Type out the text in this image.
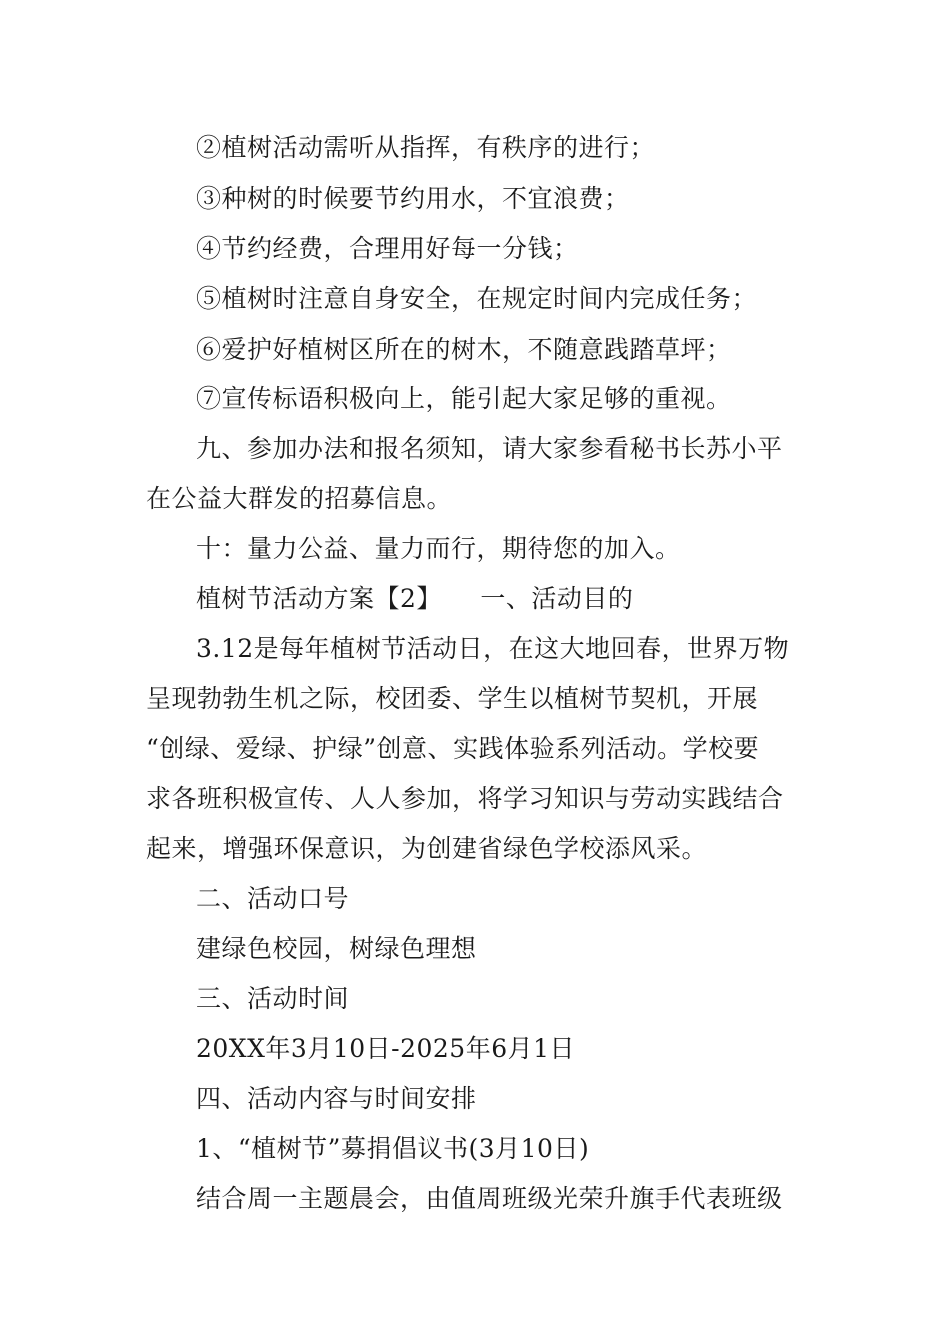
②植树活动需听从指挥，有秩序的进行；
③种树的时候要节约用水，不宜浪费；
④节约经费，合理用好每一分钱；
⑤植树时注意自身安全，在规定时间内完成任务；
⑥爱护好植树区所在的树木，不随意践踏草坪；
⑦宣传标语积极向上，能引起大家足够的重视。
九、参加办法和报名须知，请大家参看秘书长苏小平
在公益大群发的招募信息。
十：量力公益、量力而行，期待您的加入。
植树节活动方案【2】　　一、活动目的
3.12是每年植树节活动日，在这大地回春，世界万物
呈现勃勃生机之际，校团委、学生以植树节契机，开展
“创绿、爱绿、护绿”创意、实践体验系列活动。学校要
求各班积极宣传、人人参加，将学习知识与劳动实践结合
起来，增强环保意识，为创建省绿色学校添风采。
二、活动口号
建绿色校园，树绿色理想
三、活动时间
20XX年3月10日-2025年6月1日
四、活动内容与时间安排
1、“植树节”募捐倡议书(3月10日)
结合周一主题晨会，由值周班级光荣升旗手代表班级
